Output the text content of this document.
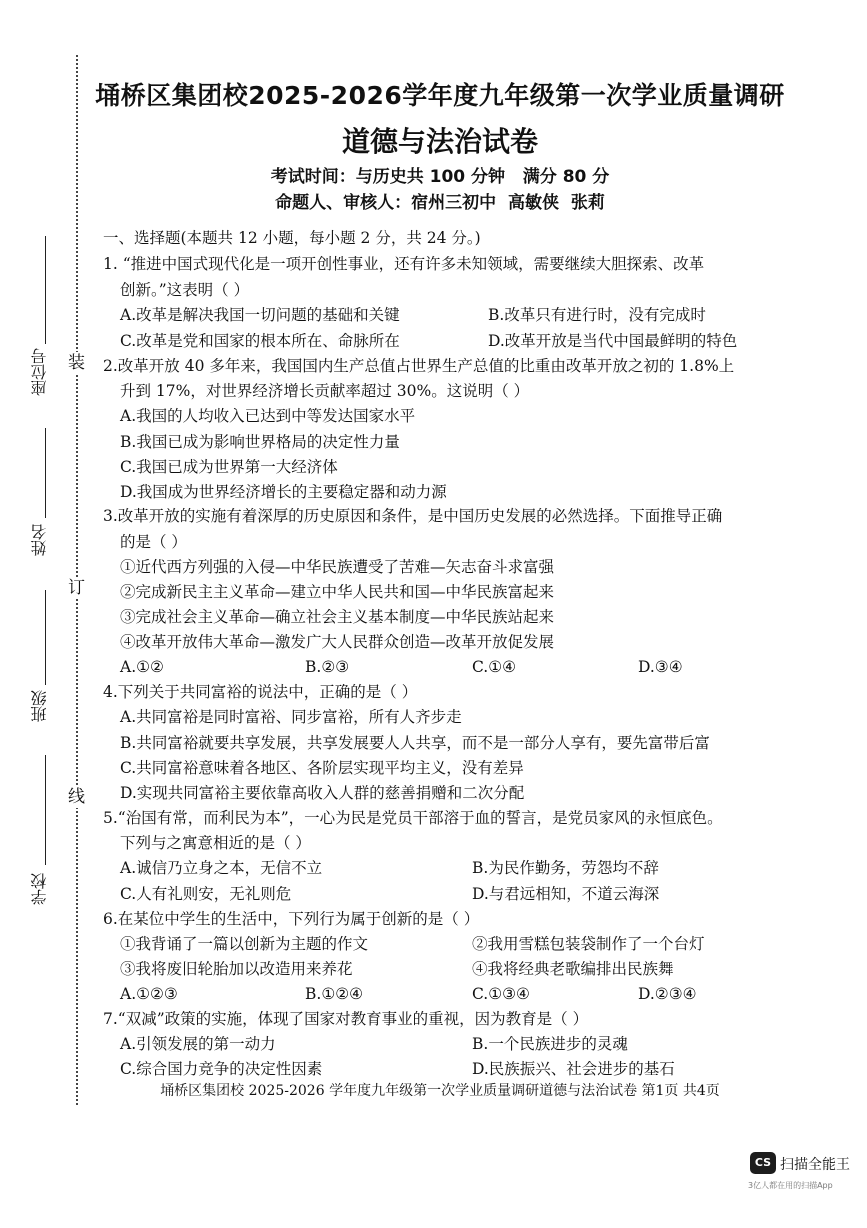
装
订
线
座位号
姓名
班级
学校
埇桥区集团校2025-2026学年度九年级第一次学业质量调研
道德与法治试卷
考试时间：与历史共 100 分钟   满分 80 分
命题人、审核人：宿州三初中  高敏侠  张莉
一、选择题(本题共 12 小题，每小题 2 分，共 24 分。)
1. “推进中国式现代化是一项开创性事业，还有许多未知领域，需要继续大胆探索、改革
创新。”这表明（ ）
A.改革是解决我国一切问题的基础和关键	B.改革只有进行时，没有完成时
C.改革是党和国家的根本所在、命脉所在	D.改革开放是当代中国最鲜明的特色
2.改革开放 40 多年来，我国国内生产总值占世界生产总值的比重由改革开放之初的 1.8%上
升到 17%，对世界经济增长贡献率超过 30%。这说明（ ）
A.我国的人均收入已达到中等发达国家水平
B.我国已成为影响世界格局的决定性力量
C.我国已成为世界第一大经济体
D.我国成为世界经济增长的主要稳定器和动力源
3.改革开放的实施有着深厚的历史原因和条件，是中国历史发展的必然选择。下面推导正确
的是（ ）
①近代西方列强的入侵—中华民族遭受了苦难—矢志奋斗求富强
②完成新民主主义革命—建立中华人民共和国—中华民族富起来
③完成社会主义革命—确立社会主义基本制度—中华民族站起来
④改革开放伟大革命—激发广大人民群众创造—改革开放促发展
A.①②	B.②③	C.①④	D.③④
4.下列关于共同富裕的说法中，正确的是（ ）
A.共同富裕是同时富裕、同步富裕，所有人齐步走
B.共同富裕就要共享发展，共享发展要人人共享，而不是一部分人享有，要先富带后富
C.共同富裕意味着各地区、各阶层实现平均主义，没有差异
D.实现共同富裕主要依靠高收入人群的慈善捐赠和二次分配
5.“治国有常，而利民为本”，一心为民是党员干部溶于血的誓言，是党员家风的永恒底色。
下列与之寓意相近的是（ ）
A.诚信乃立身之本，无信不立	B.为民作勤务，劳怨均不辞
C.人有礼则安，无礼则危	D.与君远相知，不道云海深
6.在某位中学生的生活中，下列行为属于创新的是（ ）
①我背诵了一篇以创新为主题的作文	②我用雪糕包装袋制作了一个台灯
③我将废旧轮胎加以改造用来养花	④我将经典老歌编排出民族舞
A.①②③	B.①②④	C.①③④	D.②③④
7.“双减”政策的实施，体现了国家对教育事业的重视，因为教育是（ ）
A.引领发展的第一动力	B.一个民族进步的灵魂
C.综合国力竞争的决定性因素	D.民族振兴、社会进步的基石
埇桥区集团校 2025-2026 学年度九年级第一次学业质量调研道德与法治试卷 第1页 共4页
CS 扫描全能王
3亿人都在用的扫描App
